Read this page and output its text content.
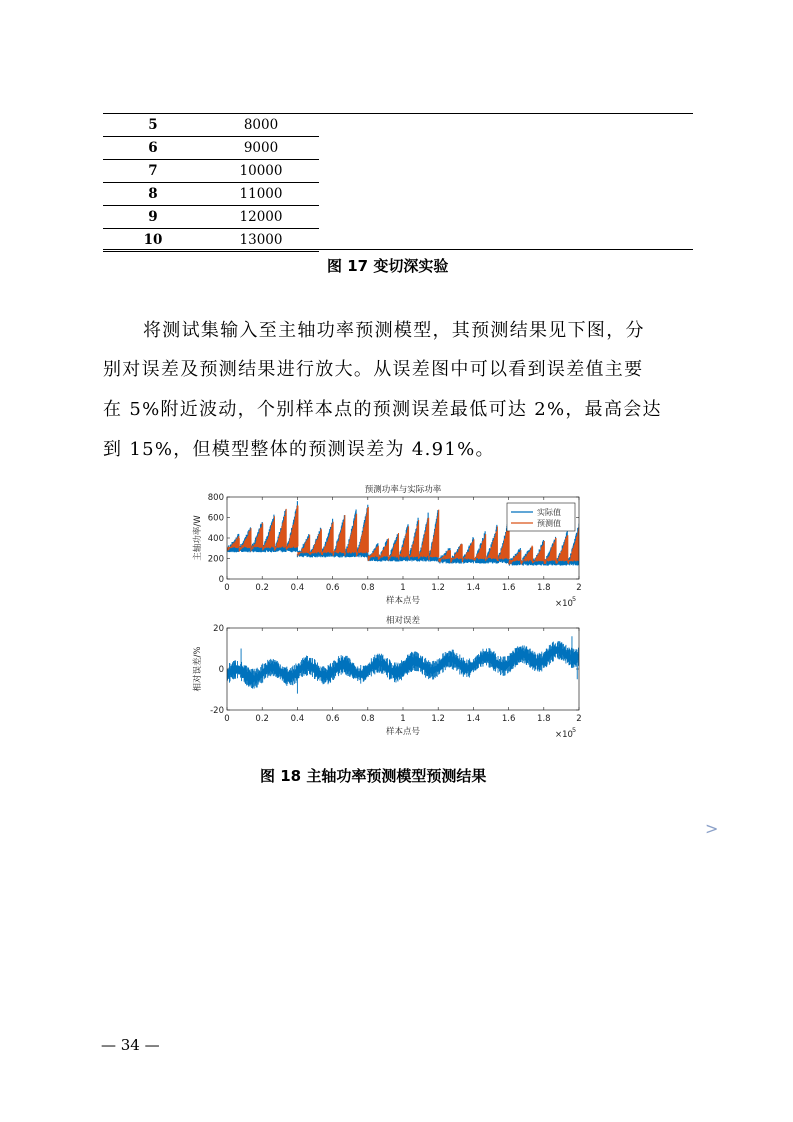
5	8000
6	9000
7	10000
8	11000
9	12000
10	13000
图 17 变切深实验
将测试集输入至主轴功率预测模型，其预测结果见下图，分
别对误差及预测结果进行放大。从误差图中可以看到误差值主要
在 5%附近波动，个别样本点的预测误差最低可达 2%，最高会达
到 15%，但模型整体的预测误差为 4.91%。
预测功率与实际功率
0	0.2	0.4	0.6	0.8	1	1.2	1.4	1.6	1.8	2
0
200
400
600
800
样本点号	×10 5
主轴功率/W
实际值
预测值
相对误差
0	0.2	0.4	0.6	0.8	1	1.2	1.4	1.6	1.8	2
-20
0
20
样本点号	×10 5
相对误差/%
图 18 主轴功率预测模型预测结果
>
— 34 —
